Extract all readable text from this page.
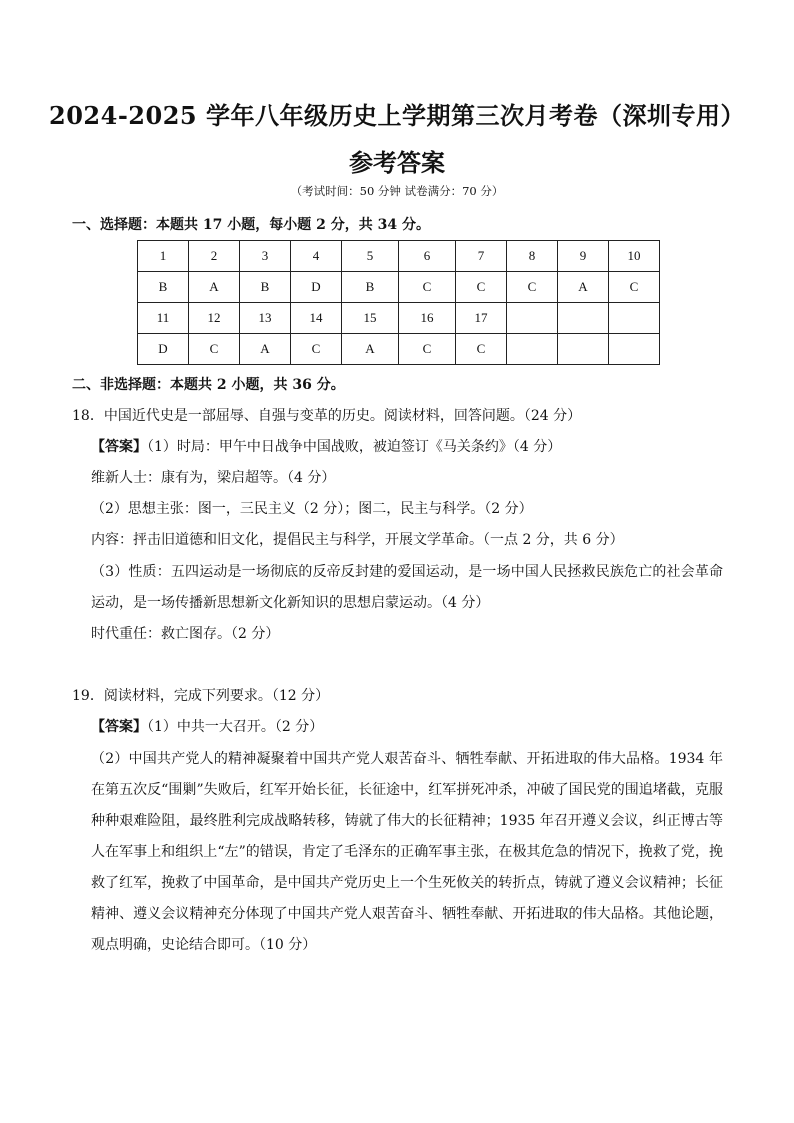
2024-2025 学年八年级历史上学期第三次月考卷（深圳专用）
参考答案
（考试时间：50 分钟 试卷满分：70 分）
一、选择题：本题共 17 小题，每小题 2 分，共 34 分。
1	2	3	4	5	6	7	8	9	10
B	A	B	D	B	C	C	C	A	C
11	12	13	14	15	16	17			
D	C	A	C	A	C	C			
二、非选择题：本题共 2 小题，共 36 分。
18．中国近代史是一部屈辱、自强与变革的历史。阅读材料，回答问题。（24 分）
【答案】（1）时局：甲午中日战争中国战败，被迫签订《马关条约》（4 分）
维新人士：康有为，梁启超等。（4 分）
（2）思想主张：图一，三民主义（2 分）；图二，民主与科学。（2 分）
内容：抨击旧道德和旧文化，提倡民主与科学，开展文学革命。（一点 2 分，共 6 分）
（3）性质：五四运动是一场彻底的反帝反封建的爱国运动，是一场中国人民拯救民族危亡的社会革命运动，是一场传播新思想新文化新知识的思想启蒙运动。（4 分）
时代重任：救亡图存。（2 分）
19．阅读材料，完成下列要求。（12 分）
【答案】（1）中共一大召开。（2 分）
（2）中国共产党人的精神凝聚着中国共产党人艰苦奋斗、牺牲奉献、开拓进取的伟大品格。1934 年在第五次反“围剿”失败后，红军开始长征，长征途中，红军拼死冲杀，冲破了国民党的围追堵截，克服种种艰难险阻，最终胜利完成战略转移，铸就了伟大的长征精神；1935 年召开遵义会议，纠正博古等人在军事上和组织上“左”的错误，肯定了毛泽东的正确军事主张，在极其危急的情况下，挽救了党，挽救了红军，挽救了中国革命，是中国共产党历史上一个生死攸关的转折点，铸就了遵义会议精神；长征精神、遵义会议精神充分体现了中国共产党人艰苦奋斗、牺牲奉献、开拓进取的伟大品格。其他论题，观点明确，史论结合即可。（10 分）
